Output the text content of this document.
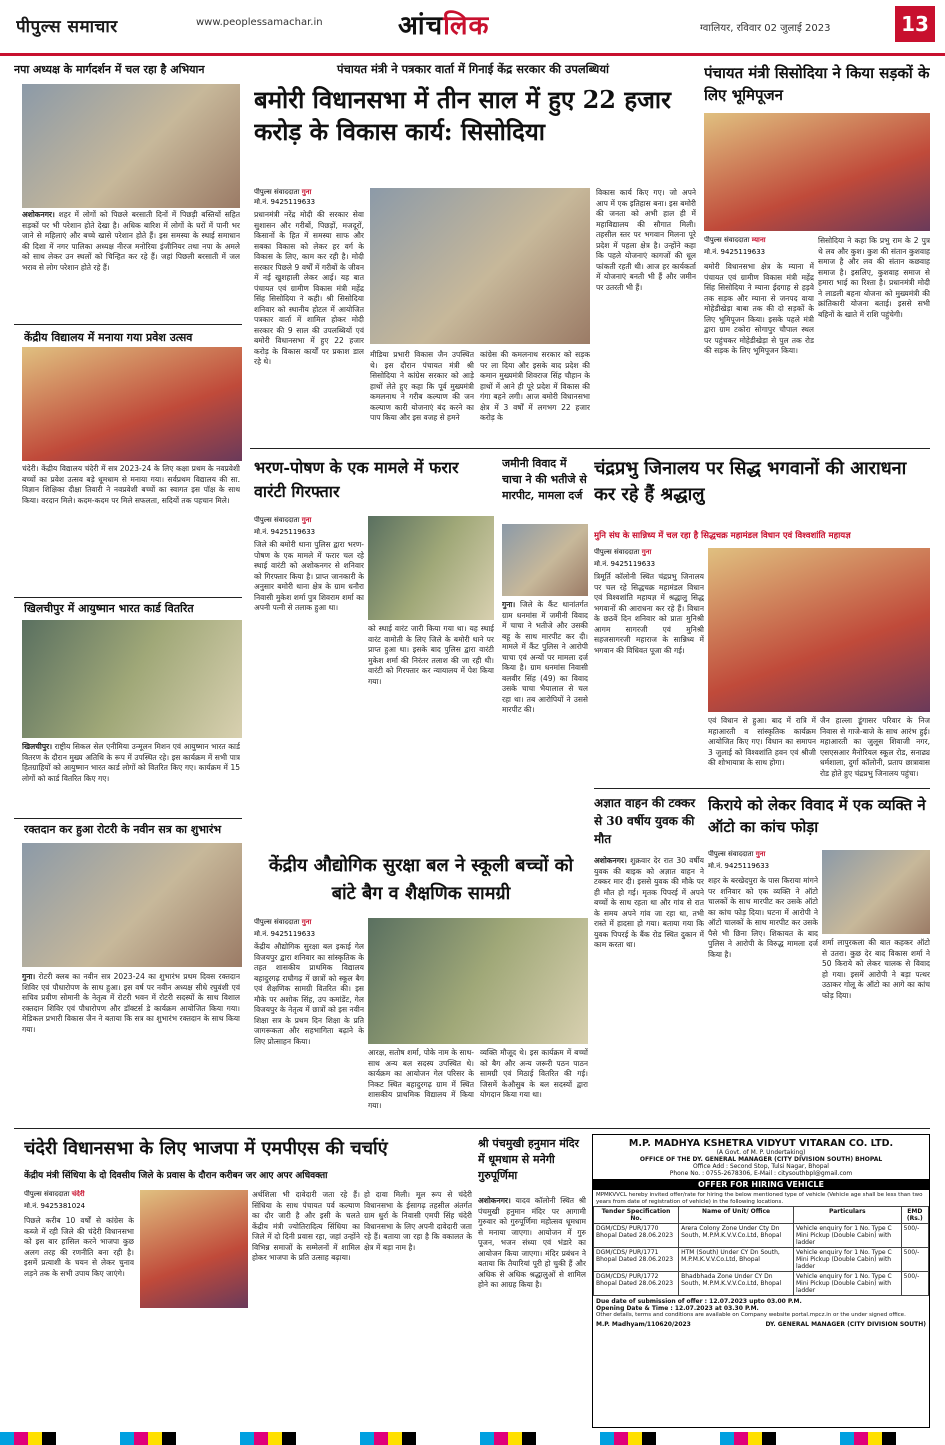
पीपुल्स समाचार	www.peoplessamachar.in	आंचलिक	ग्वालियर, रविवार 02 जुलाई 2023	13
नपा अध्यक्ष के मार्गदर्शन में चल रहा है अभियान
अशोकनगर। शहर में लोगों को पिछले बरसाती दिनों में पिछड़ी बस्तियों सहित सड़कों पर भी परेशान होते देखा है। अधिक बारिश में लोगों के घरों में पानी भर जाने से महिलाएं और बच्चे खासे परेशान होते हैं। इस समस्या के स्थाई समाधान की दिशा में नगर पालिका अध्यक्ष नीरज मनोरिया इंजीनियर तथा नपा के अमले को साथ लेकर उन स्थलों को चिन्हित कर रहे हैं। जहां पिछली बरसाती में जल भराव से लोग परेशान होते रहे हैं।
केंद्रीय विद्यालय में मनाया गया प्रवेश उत्सव
चंदेरी। केंद्रीय विद्यालय चंदेरी में सत्र 2023-24 के लिए कक्षा प्रथम के नवप्रवेशी बच्चों का प्रवेश उत्सव बड़े धूमधाम से मनाया गया। सर्वप्रथम विद्यालय की सा. विज्ञान शिक्षिका दीक्षा तिवारी ने नवप्रवेशी बच्चों का स्वागत इस पॉक्ष के साथ किया। वरदान मिले। कदम-कदम पर मिले सफलता, सदियों तक पहचान मिले।
खिलचीपुर में आयुष्मान भारत कार्ड वितरित
खिलचीपुर। राष्ट्रीय सिकल सेल एनीमिया उन्मूलन मिशन एवं आयुष्मान भारत कार्ड वितरण के दौरान मुख्य अतिथि के रूप में उपस्थित रहे। इस कार्यक्रम में सभी पात्र हितग्राहियों को आयुष्मान भारत कार्ड लोगों को वितरित किए गए। कार्यक्रम में 15 लोगों को कार्ड वितरित किए गए।
रक्तदान कर हुआ रोटरी के नवीन सत्र का शुभारंभ
गुना। रोटरी क्लब का नवीन सत्र 2023-24 का शुभारंभ प्रथम दिवस रक्तदान शिविर एवं पौधारोपण के साथ हुआ। इस वर्ष पर नवीन अध्यक्ष सीधे रघुवंशी एवं सचिव प्रवीण सोमानी के नेतृत्व में रोटरी भवन में रोटरी सदस्यों के साथ विशाल रक्तदान शिविर एवं पौधारोपण और डॉक्टर्स डे कार्यक्रम आयोजित किया गया। मेडिकल प्रभारी विकास जैन ने बताया कि सत्र का शुभारंभ रक्तदान के साथ किया गया।
पंचायत मंत्री ने पत्रकार वार्ता में गिनाई केंद्र सरकार की उपलब्धियां
बमोरी विधानसभा में तीन साल में हुए 22 हजार करोड़ के विकास कार्य: सिसोदिया
पीपुल्स संवाददाता गुना
मो.नं. 9425119633
प्रधानमंत्री नरेंद्र मोदी की सरकार सेवा सुशासन और गरीबों, पिछड़ों, मजदूरों, किसानों के हित में समस्या साफ और सबका विकास को लेकर हर वर्ग के विकास के लिए, काम कर रही है। मोदी सरकार पिछले 9 वर्षों में गरीबों के जीवन में नई खुशहाली लेकर आई। यह बात पंचायत एवं ग्रामीण विकास मंत्री महेंद्र सिंह सिसोदिया ने कही। श्री सिसोदिया शनिवार को स्थानीय होटल में आयोजित पत्रकार वार्ता में शामिल होकर मोदी सरकार की 9 साल की उपलब्धियों एवं बमोरी विधानसभा में हुए 22 हजार करोड़ के विकास कार्यों पर प्रकाश डाल रहे थे।
मीडिया प्रभारी विकास जैन उपस्थित थे। इस दौरान पंचायत मंत्री श्री सिसोदिया ने कांग्रेस सरकार को आड़े हाथों लेते हुए कहा कि पूर्व मुख्यमंत्री कमलनाथ ने गरीब कल्याण की जन कल्याण कारी योजनाएं बंद करने का पाप किया और इस वजह से हमने
कांग्रेस की कमलनाथ सरकार को सड़क पर ला दिया और इसके बाद प्रदेश की कमान मुख्यमंत्री शिवराज सिंह चौहान के हाथों में आने ही पूरे प्रदेश में विकास की गंगा बहने लगी। आज बमोरी विधानसभा क्षेत्र में 3 वर्षों में लगभग 22 हजार करोड़ के
विकास कार्य किए गए। जो अपने आप में एक इतिहास बना। इस बमोरी की जनता को अभी हाल ही में महाविद्यालय की सौगात मिली। तहसील स्तर पर भगवान मिलना पूरे प्रदेश में पहला क्षेत्र है। उन्होंने कहा कि पहले योजनाएं कागजों की धूल फांकती रहती थी। आज हर कार्यकर्ता में योजनाएं बनती भी हैं और जमीन पर उतरती भी हैं।
पंचायत मंत्री सिसोदिया ने किया सड़कों के लिए भूमिपूजन
पीपुल्स संवाददाता म्याना
मो.नं. 9425119633
बमोरी विधानसभा क्षेत्र के म्याना में पंचायत एवं ग्रामीण विकास मंत्री महेंद्र सिंह सिसोदिया ने म्याना ईदगाह से हड़वे तक सड़क और म्याना से जनपद वाया मोहेडीखेड़ा बाबा तक की दो सड़कों के लिए भूमिपूजन किया। इसके पहले मंत्री द्वारा ग्राम टकोरा सोगापुर चौपाल स्थल पर पहुंचकर मोहेडीखेड़ा से पुल तक रोड की सड़क के लिए भूमिपूजन किया।
सिसोदिया ने कहा कि प्रभु राम के 2 पुत्र थे लव और कुश। कुश की संतान कुशवाह समाज है और लव की संतान कछवाह समाज है। इसलिए, कुशवाह समाज से हमारा भाई का रिश्ता है। प्रधानमंत्री मोदी ने लाडली बहना योजना को मुख्यमंत्री की क्रांतिकारी योजना बताई। इससे सभी बहिनों के खाते में राशि पहुंचेगी।
भरण-पोषण के एक मामले में फरार वारंटी गिरफ्तार
पीपुल्स संवाददाता गुना
मो.नं. 9425119633
जिले की बमोरी थाना पुलिस द्वारा भरण-पोषण के एक मामले में फरार चल रहे स्थाई वारंटी को अशोकनगर से शनिवार को गिरफ्तार किया है। प्राप्त जानकारी के अनुसार बमोरी थाना क्षेत्र के ग्राम धनौरा निवासी मुकेश शर्मा पुत्र शिवराम शर्मा का अपनी पत्नी से तलाक हुआ था।
को स्थाई वारंट जारी किया गया था। यह स्थाई वारंट वामोती के लिए जिले के बमोरी थाने पर प्राप्त हुआ था। इसके बाद पुलिस द्वारा वारंटी मुकेश शर्मा की निरंतर तलाश की जा रही थी। वारंटी को गिरफ्तार कर न्यायालय में पेश किया गया।
जमीनी विवाद में चाचा ने की भतीजे से मारपीट, मामला दर्ज
गुना। जिले के कैंट थानांतर्गत ग्राम धनमांस में जमीनी विवाद में चाचा ने भतीजे और उसकी बहू के साथ मारपीट कर दी। मामले में कैंट पुलिस ने आरोपी चाचा एवं अन्यों पर मामला दर्ज किया है। ग्राम धनमांस निवासी बलवीर सिंह (49) का विवाद उसके चाचा भैयालाल से चल रहा था। तब आरोपियों ने उससे मारपीट की।
चंद्रप्रभु जिनालय पर सिद्ध भगवानों की आराधना कर रहे हैं श्रद्धालु
मुनि संघ के सान्निध्य में चल रहा है सिद्धचक्र महामंडल विधान एवं विश्वशांति महायज्ञ
पीपुल्स संवाददाता गुना
मो.नं. 9425119633
त्रिमूर्ति कॉलोनी स्थित चंद्रप्रभु जिनालय पर चल रहे सिद्धचक्र महामंडल विधान एवं विश्वशांति महायज्ञ में श्रद्धालु सिद्ध भगवानों की आराधना कर रहे हैं। विधान के छठवें दिन शनिवार को प्रातः मुनिश्री आगम सागरजी एवं मुनिश्री सहजसागरजी महाराज के सान्निध्य में भगवान की विधिवत पूजा की गई।
एवं विधान से हुआ। बाद में रात्रि में महाआरती व सांस्कृतिक कार्यक्रम आयोजित किए गए। विधान का समापन 3 जुलाई को विश्वशांति हवन एवं श्रीजी की शोभायात्रा के साथ होगा।
जैन हाल्ला डूंगासर परिवार के निज निवास से गाजे-बाजे के साथ आरंभ हुई। महाआरती का जुलूस शिवाजी नगर, एसएसआर मैनोरियल स्कूल रोड, सनाढ्य धर्मशाला, दुर्गा कॉलोनी, प्रताप छात्रावास रोड होते हुए चंद्रप्रभु जिनालय पहुंचा।
केंद्रीय औद्योगिक सुरक्षा बल ने स्कूली बच्चों को बांटे बैग व शैक्षणिक सामग्री
पीपुल्स संवाददाता गुना
मो.नं. 9425119633
केंद्रीय औद्योगिक सुरक्षा बल इकाई गेल विजयपुर द्वारा शनिवार का सांस्कृतिक के तहत शासकीय प्राथमिक विद्यालय बहादुरगढ़ राघौगढ़ में छात्रों को स्कूल बैग एवं शैक्षणिक सामग्री वितरित की। इस मौके पर अशोक सिंह, उप कमांडेंट, गेल विजयपुर के नेतृत्व में छात्रों को इस नवीन शिक्षा सत्र के प्रथम दिन शिक्षा के प्रति जागरूकता और सहभागिता बढ़ाने के लिए प्रोत्साहन किया।
आरक्ष, सतोष शर्मा, पोके नाम के साथ-साथ अन्य बल सदस्य उपस्थित थे। कार्यक्रम का आयोजन गेल परिसर के निकट स्थित बहादुरगढ़ ग्राम में स्थित शासकीय प्राथमिक विद्यालय में किया गया।
व्यक्ति मौजूद थे। इस कार्यक्रम में बच्चों को बैग और अन्य जरूरी पठन पाठन सामग्री एवं मिठाई वितरित की गई। जिसमें केऔसुब के बल सदस्यों द्वारा योगदान किया गया था।
अज्ञात वाहन की टक्कर से 30 वर्षीय युवक की मौत
अशोकनगर। शुक्रवार देर रात 30 वर्षीय युवक की बाइक को अज्ञात वाहन ने टक्कर मार दी। इससे युवक की मौके पर ही मौत हो गई। मृतक पिपरई में अपने बच्चों के साथ रहता था और गांव से रात के समय अपने गांव जा रहा था, तभी रास्ते में हादसा हो गया। बताया गया कि युवक पिपरई के बैंक रोड स्थित दुकान में काम करता था।
किराये को लेकर विवाद में एक व्यक्ति ने ऑटो का कांच फोड़ा
पीपुल्स संवाददाता गुना
मो.नं. 9425119633
शहर के बरखेदपुरा के पास किराया मांगने पर शनिवार को एक व्यक्ति ने ऑटो चालकों के साथ मारपीट कर उसके ऑटो का कांच फोड़ दिया। घटना में आरोपी ने ऑटो चालकों के साथ मारपीट कर उसके पैसे भी छिना लिए। शिकायत के बाद पुलिस ने आरोपी के विरुद्ध मामला दर्ज किया है।
शर्मा लापुरकला की बात कहकर ऑटो से उतरा। कुछ देर बाद विकास शर्मा ने 50 किराये को लेकर चालक से विवाद हो गया। इसमें आरोपी ने बड़ा पत्थर उठाकर गोलू के ऑटो का आगे का कांच फोड़ दिया।
चंदेरी विधानसभा के लिए भाजपा में एमपीएस की चर्चाएं
केंद्रीय मंत्री सिंधिया के दो दिवसीय जिले के प्रवास के दौरान करीबन जर आए अपर अधिवक्ता
पीपुल्स संवाददाता चंदेरी
मो.नं. 9425381024
पिछले करीब 10 वर्षों से कांग्रेस के कब्जे में रही जिले की चंदेरी विधानसभा को इस बार हासिल करने भाजपा कुछ अलग तरह की रणनीति बना रही है। इसमें प्रत्याशी के चयन से लेकर चुनाव लड़ने तक के सभी उपाय किए जाएंगे।
अर्थशिला भी दावेदारी जता रहे हैं। सिंधिया के साथ पंचायत पर्व कल्याण का दौर जारी है और इसी के चलते केंद्रीय मंत्री ज्योतिरादित्य सिंधिया का जिले में दो दिनी प्रवास रहा, जहां उन्होंने विभिन्न समाजों के सम्मेलनों में शामिल होकर भाजपा के प्रति उत्साह बढ़ाया।
हो दावा मिली। मूल रूप से चंदेरी विधानसभा के ईसागढ़ तहसील अंतर्गत ग्राम धुर्रा के निवासी एमपी सिंह चंदेरी विधानसभा के लिए अपनी दावेदारी जता रहे हैं। बताया जा रहा है कि वकालत के क्षेत्र में बड़ा नाम है।
श्री पंचमुखी हनुमान मंदिर में धूमधाम से मनेगी गुरुपूर्णिमा
अशोकनगर। यादव कॉलोनी स्थित श्री पंचमुखी हनुमान मंदिर पर आगामी गुरुवार को गुरुपूर्णिमा महोत्सव धूमधाम से मनाया जाएगा। आयोजन में गुरु पूजन, भजन संध्या एवं भंडारे का आयोजन किया जाएगा। मंदिर प्रबंधन ने बताया कि तैयारियां पूरी हो चुकी हैं और अधिक से अधिक श्रद्धालुओं से शामिल होने का आग्रह किया है।
M.P. MADHYA KSHETRA VIDYUT VITARAN CO. LTD.
(A Govt. of M. P. Undertaking)
OFFICE OF THE DY. GENERAL MANAGER (CITY DIVISION SOUTH) BHOPAL
Office Add : Second Stop, Tulsi Nagar, Bhopal
Phone No. : 0755-2678306, E-Mail : citysouthbpl@gmail.com
OFFER FOR HIRING VEHICLE
MPMKVVCL hereby invited offer/rate for hiring the below mentioned type of vehicle (Vehicle age shall be less than two years from date of registration of vehicle) in the following locations.
Tender Specification No.	Name of Unit/ Office	Particulars	EMD (Rs.)
DGM/CDS/ PUR/1770 Bhopal Dated 28.06.2023	Arera Colony Zone Under Cty Dn South, M.P.M.K.V.V.Co.Ltd, Bhopal	Vehicle enquiry for 1 No. Type C Mini Pickup (Double Cabin) with ladder	500/-
DGM/CDS/ PUR/1771 Bhopal Dated 28.06.2023	HTM (South) Under CY Dn South, M.P.M.K.V.V.Co.Ltd, Bhopal	Vehicle enquiry for 1 No. Type C Mini Pickup (Double Cabin) with ladder	500/-
DGM/CDS/ PUR/1772 Bhopal Dated 28.06.2023	Bhadbhada Zone Under CY Dn South, M.P.M.K.V.V.Co.Ltd, Bhopal	Vehicle enquiry for 1 No. Type C Mini Pickup (Double Cabin) with ladder	500/-
Due date of submission of offer : 12.07.2023 upto 03.00 P.M.
Opening Date & Time : 12.07.2023 at 03.30 P.M.
Other details, terms and conditions are available on Company website portal.mpcz.in or the under signed office.
M.P. Madhyam/110620/2023	DY. GENERAL MANAGER (CITY DIVISION SOUTH)
